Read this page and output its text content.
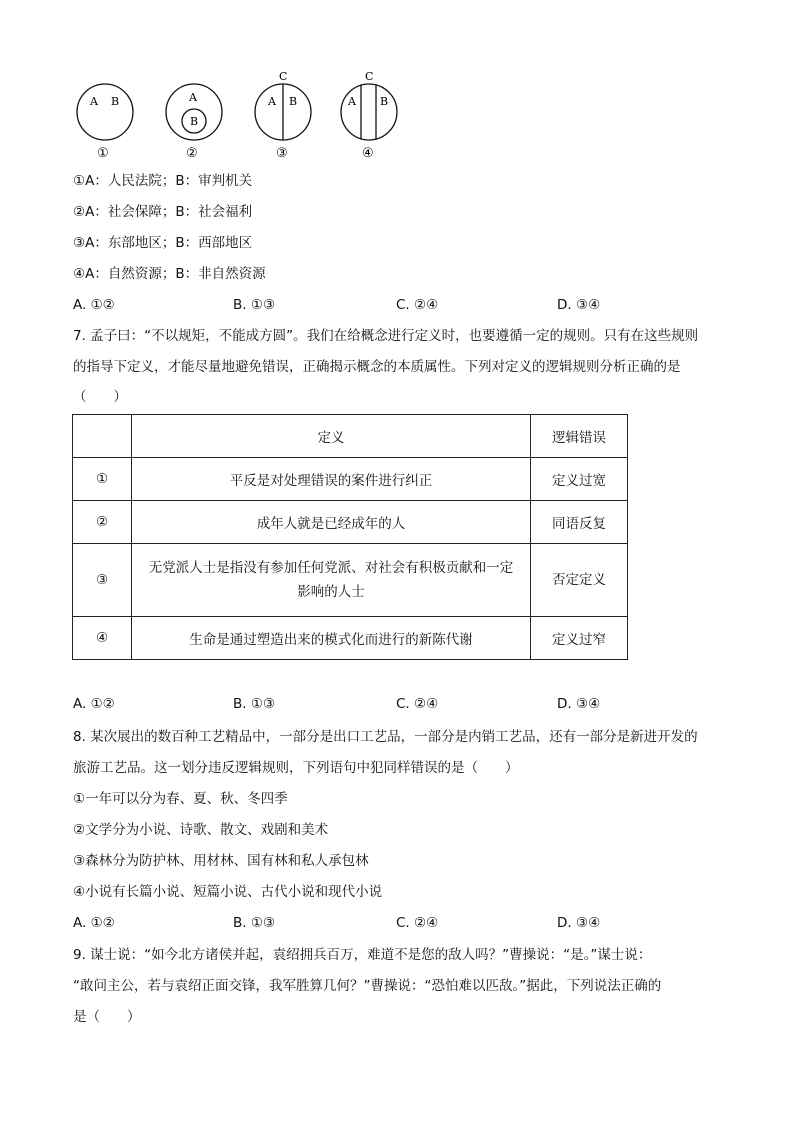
A B
①
A
B
②
C
A B
③
C
A B
④
①A：人民法院；B：审判机关
②A：社会保障；B：社会福利
③A：东部地区；B：西部地区
④A：自然资源；B：非自然资源
A. ①②	B. ①③	C. ②④	D. ③④
7. 孟子曰：“不以规矩，不能成方圆”。我们在给概念进行定义时，也要遵循一定的规则。只有在这些规则
的指导下定义，才能尽量地避免错误，正确揭示概念的本质属性。下列对定义的逻辑规则分析正确的是
（　　）
	定义	逻辑错误
①	平反是对处理错误的案件进行纠正	定义过宽
②	成年人就是已经成年的人	同语反复
③	无党派人士是指没有参加任何党派、对社会有积极贡献和一定影响的人士	否定定义
④	生命是通过塑造出来的模式化而进行的新陈代谢	定义过窄
A. ①②	B. ①③	C. ②④	D. ③④
8. 某次展出的数百种工艺精品中，一部分是出口工艺品，一部分是内销工艺品，还有一部分是新进开发的
旅游工艺品。这一划分违反逻辑规则，下列语句中犯同样错误的是（　　）
①一年可以分为春、夏、秋、冬四季
②文学分为小说、诗歌、散文、戏剧和美术
③森林分为防护林、用材林、国有林和私人承包林
④小说有长篇小说、短篇小说、古代小说和现代小说
A. ①②	B. ①③	C. ②④	D. ③④
9. 谋士说：“如今北方诸侯并起，袁绍拥兵百万，难道不是您的敌人吗？”曹操说：“是。”谋士说：
“敢问主公，若与袁绍正面交锋，我军胜算几何？”曹操说：“恐怕难以匹敌。”据此，下列说法正确的
是（　　）
